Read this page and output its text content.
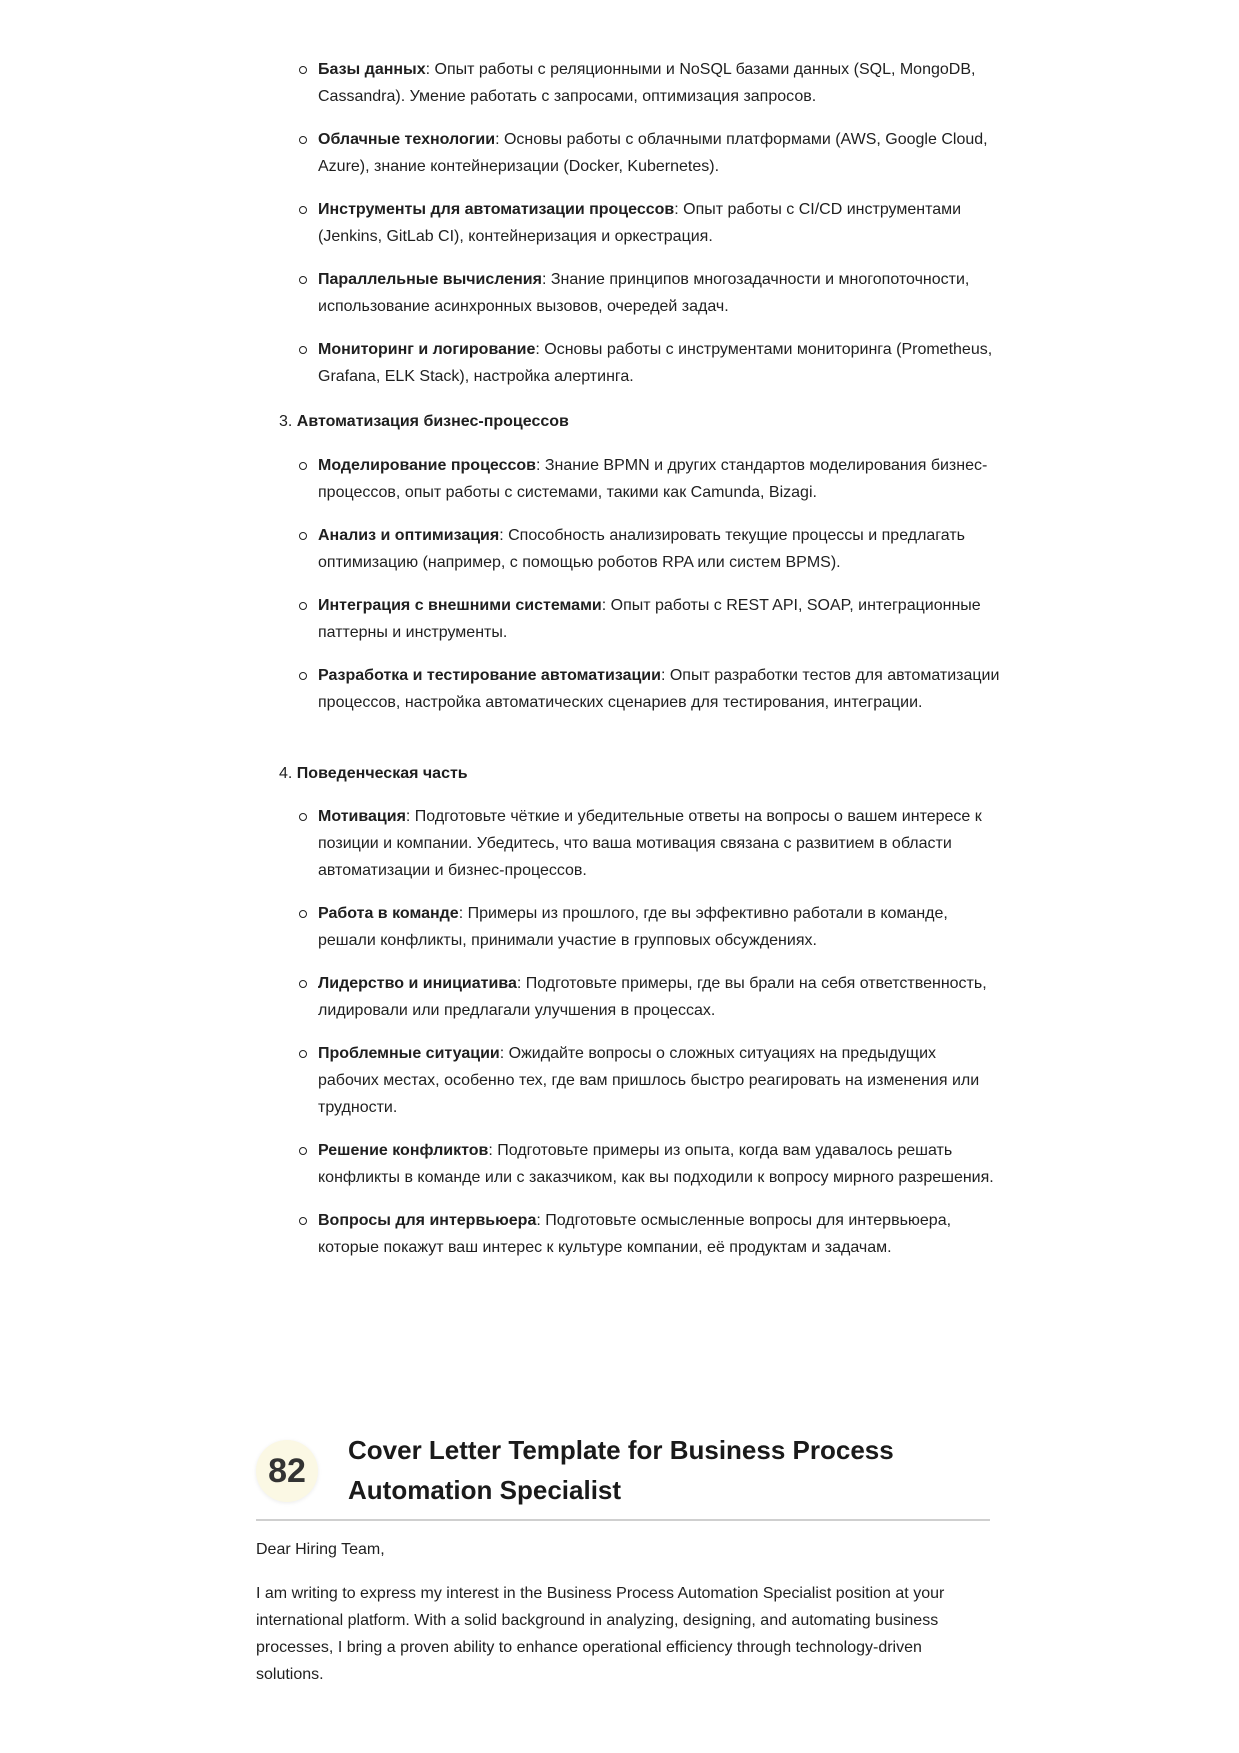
Базы данных: Опыт работы с реляционными и NoSQL базами данных (SQL, MongoDB, Cassandra). Умение работать с запросами, оптимизация запросов.
Облачные технологии: Основы работы с облачными платформами (AWS, Google Cloud, Azure), знание контейнеризации (Docker, Kubernetes).
Инструменты для автоматизации процессов: Опыт работы с CI/CD инструментами (Jenkins, GitLab CI), контейнеризация и оркестрация.
Параллельные вычисления: Знание принципов многозадачности и многопоточности, использование асинхронных вызовов, очередей задач.
Мониторинг и логирование: Основы работы с инструментами мониторинга (Prometheus, Grafana, ELK Stack), настройка алертинга.
3. Автоматизация бизнес-процессов
Моделирование процессов: Знание BPMN и других стандартов моделирования бизнес-процессов, опыт работы с системами, такими как Camunda, Bizagi.
Анализ и оптимизация: Способность анализировать текущие процессы и предлагать оптимизацию (например, с помощью роботов RPA или систем BPMS).
Интеграция с внешними системами: Опыт работы с REST API, SOAP, интеграционные паттерны и инструменты.
Разработка и тестирование автоматизации: Опыт разработки тестов для автоматизации процессов, настройка автоматических сценариев для тестирования, интеграции.
4. Поведенческая часть
Мотивация: Подготовьте чёткие и убедительные ответы на вопросы о вашем интересе к позиции и компании. Убедитесь, что ваша мотивация связана с развитием в области автоматизации и бизнес-процессов.
Работа в команде: Примеры из прошлого, где вы эффективно работали в команде, решали конфликты, принимали участие в групповых обсуждениях.
Лидерство и инициатива: Подготовьте примеры, где вы брали на себя ответственность, лидировали или предлагали улучшения в процессах.
Проблемные ситуации: Ожидайте вопросы о сложных ситуациях на предыдущих рабочих местах, особенно тех, где вам пришлось быстро реагировать на изменения или трудности.
Решение конфликтов: Подготовьте примеры из опыта, когда вам удавалось решать конфликты в команде или с заказчиком, как вы подходили к вопросу мирного разрешения.
Вопросы для интервьюера: Подготовьте осмысленные вопросы для интервьюера, которые покажут ваш интерес к культуре компании, её продуктам и задачам.
82
Cover Letter Template for Business Process Automation Specialist

Dear Hiring Team,

I am writing to express my interest in the Business Process Automation Specialist position at your international platform. With a solid background in analyzing, designing, and automating business processes, I bring a proven ability to enhance operational efficiency through technology-driven solutions.
